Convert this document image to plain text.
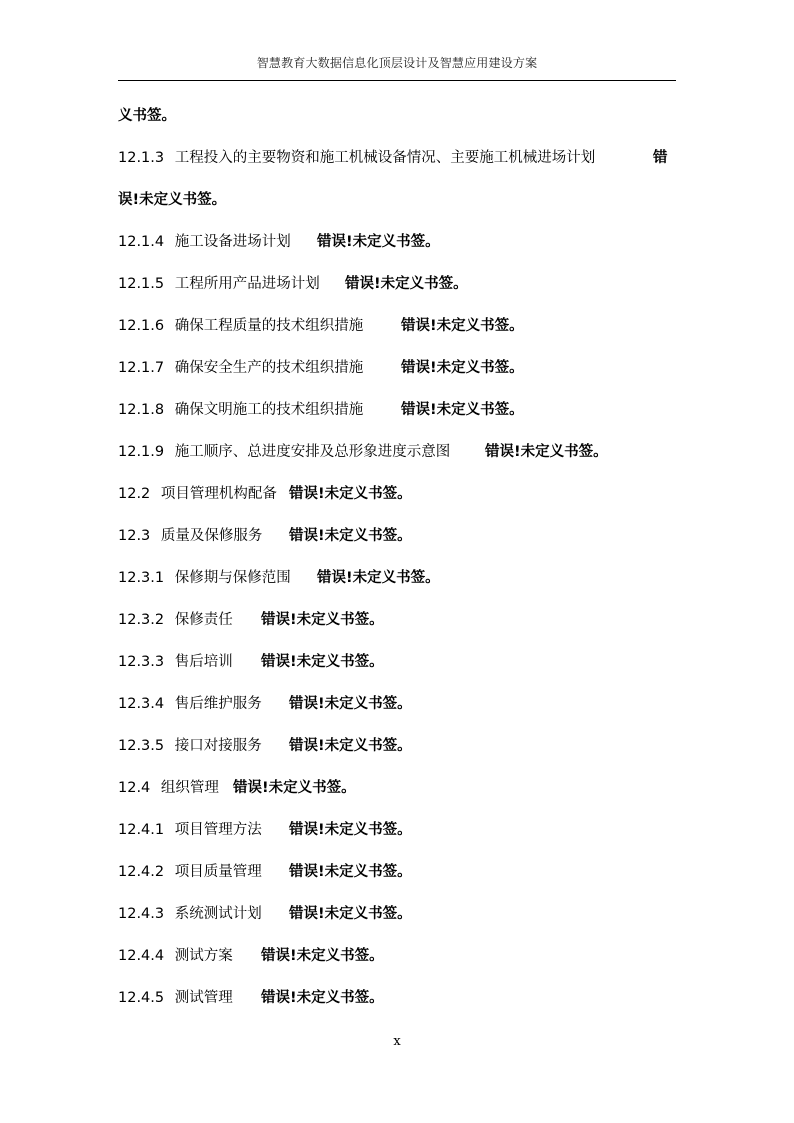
智慧教育大数据信息化顶层设计及智慧应用建设方案
义书签。
12.1.3 工程投入的主要物资和施工机械设备情况、主要施工机械进场计划	错
误!未定义书签。
12.1.4 施工设备进场计划 错误!未定义书签。
12.1.5 工程所用产品进场计划 错误!未定义书签。
12.1.6 确保工程质量的技术组织措施	错误!未定义书签。
12.1.7 确保安全生产的技术组织措施	错误!未定义书签。
12.1.8 确保文明施工的技术组织措施	错误!未定义书签。
12.1.9 施工顺序、总进度安排及总形象进度示意图 错误!未定义书签。
12.2 项目管理机构配备 错误!未定义书签。
12.3 质量及保修服务 错误!未定义书签。
12.3.1 保修期与保修范围 错误!未定义书签。
12.3.2 保修责任 错误!未定义书签。
12.3.3 售后培训 错误!未定义书签。
12.3.4 售后维护服务 错误!未定义书签。
12.3.5 接口对接服务 错误!未定义书签。
12.4 组织管理 错误!未定义书签。
12.4.1 项目管理方法 错误!未定义书签。
12.4.2 项目质量管理 错误!未定义书签。
12.4.3 系统测试计划 错误!未定义书签。
12.4.4 测试方案 错误!未定义书签。
12.4.5 测试管理 错误!未定义书签。
x
